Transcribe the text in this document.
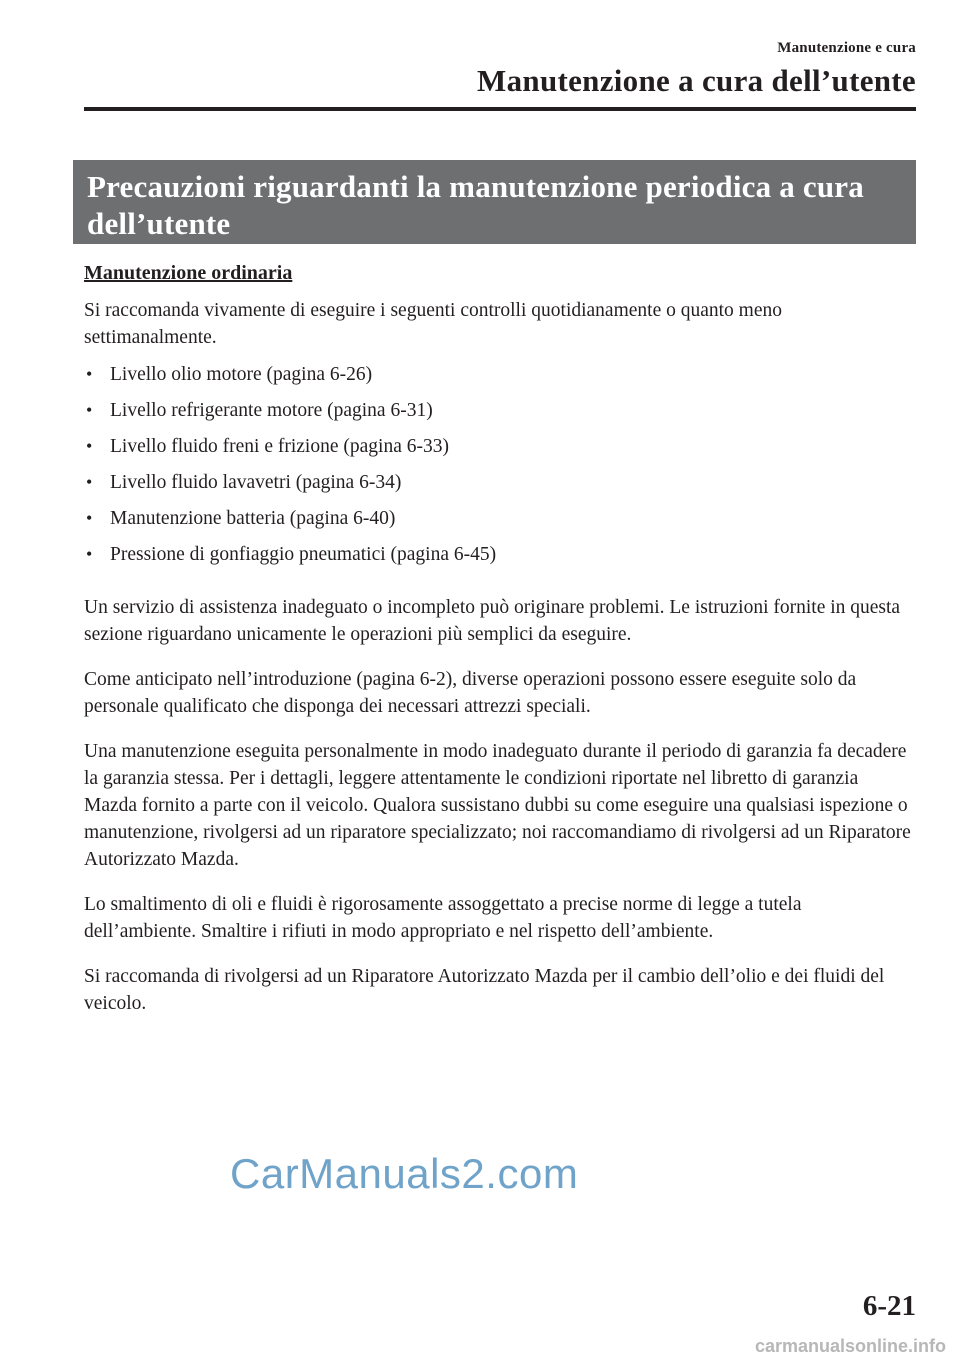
Manutenzione e cura
Manutenzione a cura dell’utente
Precauzioni riguardanti la manutenzione periodica a cura dell’utente
Manutenzione ordinaria

Si raccomanda vivamente di eseguire i seguenti controlli quotidianamente o quanto meno settimanalmente.

• Livello olio motore (pagina 6-26)
• Livello refrigerante motore (pagina 6-31)
• Livello fluido freni e frizione (pagina 6-33)
• Livello fluido lavavetri (pagina 6-34)
• Manutenzione batteria (pagina 6-40)
• Pressione di gonfiaggio pneumatici (pagina 6-45)

Un servizio di assistenza inadeguato o incompleto può originare problemi. Le istruzioni fornite in questa sezione riguardano unicamente le operazioni più semplici da eseguire.

Come anticipato nell’introduzione (pagina 6-2), diverse operazioni possono essere eseguite solo da personale qualificato che disponga dei necessari attrezzi speciali.

Una manutenzione eseguita personalmente in modo inadeguato durante il periodo di garanzia fa decadere la garanzia stessa. Per i dettagli, leggere attentamente le condizioni riportate nel libretto di garanzia Mazda fornito a parte con il veicolo. Qualora sussistano dubbi su come eseguire una qualsiasi ispezione o manutenzione, rivolgersi ad un riparatore specializzato; noi raccomandiamo di rivolgersi ad un Riparatore Autorizzato Mazda.

Lo smaltimento di oli e fluidi è rigorosamente assoggettato a precise norme di legge a tutela dell’ambiente. Smaltire i rifiuti in modo appropriato e nel rispetto dell’ambiente.

Si raccomanda di rivolgersi ad un Riparatore Autorizzato Mazda per il cambio dell’olio e dei fluidi del veicolo.

CarManuals2.com
6-21
carmanualsonline.info
